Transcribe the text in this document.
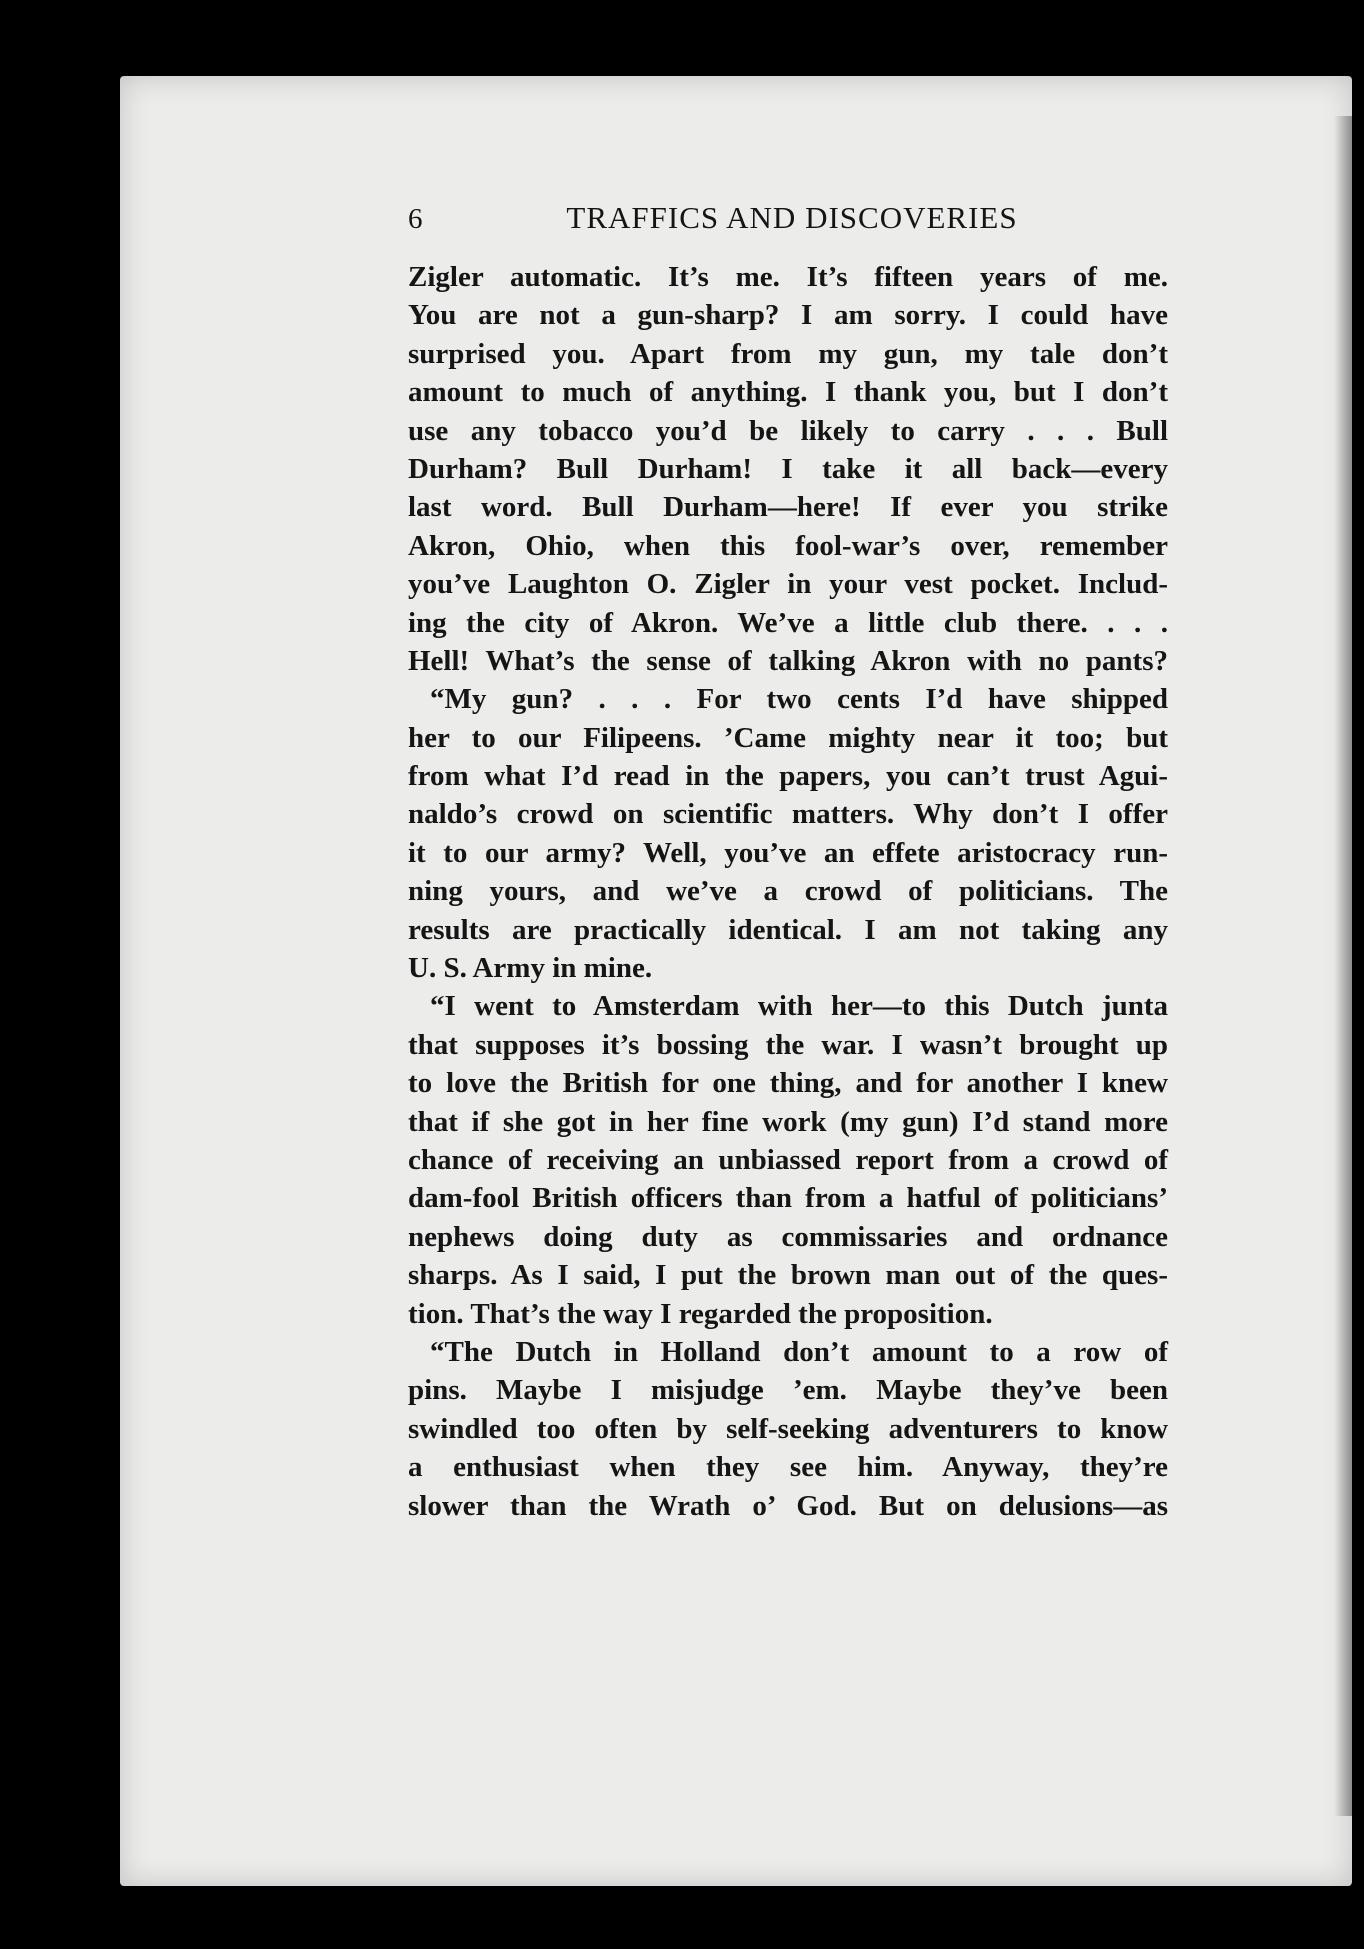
6	TRAFFICS AND DISCOVERIES
Zigler automatic. It’s me. It’s fifteen years of me.
You are not a gun-sharp? I am sorry. I could have
surprised you. Apart from my gun, my tale don’t
amount to much of anything. I thank you, but I don’t
use any tobacco you’d be likely to carry . . . Bull
Durham? Bull Durham! I take it all back—every
last word. Bull Durham—here! If ever you strike
Akron, Ohio, when this fool-war’s over, remember
you’ve Laughton O. Zigler in your vest pocket. Includ-
ing the city of Akron. We’ve a little club there. . . .
Hell! What’s the sense of talking Akron with no pants?
“My gun? . . . For two cents I’d have shipped
her to our Filipeens. ’Came mighty near it too; but
from what I’d read in the papers, you can’t trust Agui-
naldo’s crowd on scientific matters. Why don’t I offer
it to our army? Well, you’ve an effete aristocracy run-
ning yours, and we’ve a crowd of politicians. The
results are practically identical. I am not taking any
U. S. Army in mine.
“I went to Amsterdam with her—to this Dutch junta
that supposes it’s bossing the war. I wasn’t brought up
to love the British for one thing, and for another I knew
that if she got in her fine work (my gun) I’d stand more
chance of receiving an unbiassed report from a crowd of
dam-fool British officers than from a hatful of politicians’
nephews doing duty as commissaries and ordnance
sharps. As I said, I put the brown man out of the ques-
tion. That’s the way I regarded the proposition.
“The Dutch in Holland don’t amount to a row of
pins. Maybe I misjudge ’em. Maybe they’ve been
swindled too often by self-seeking adventurers to know
a enthusiast when they see him. Anyway, they’re
slower than the Wrath o’ God. But on delusions—as
